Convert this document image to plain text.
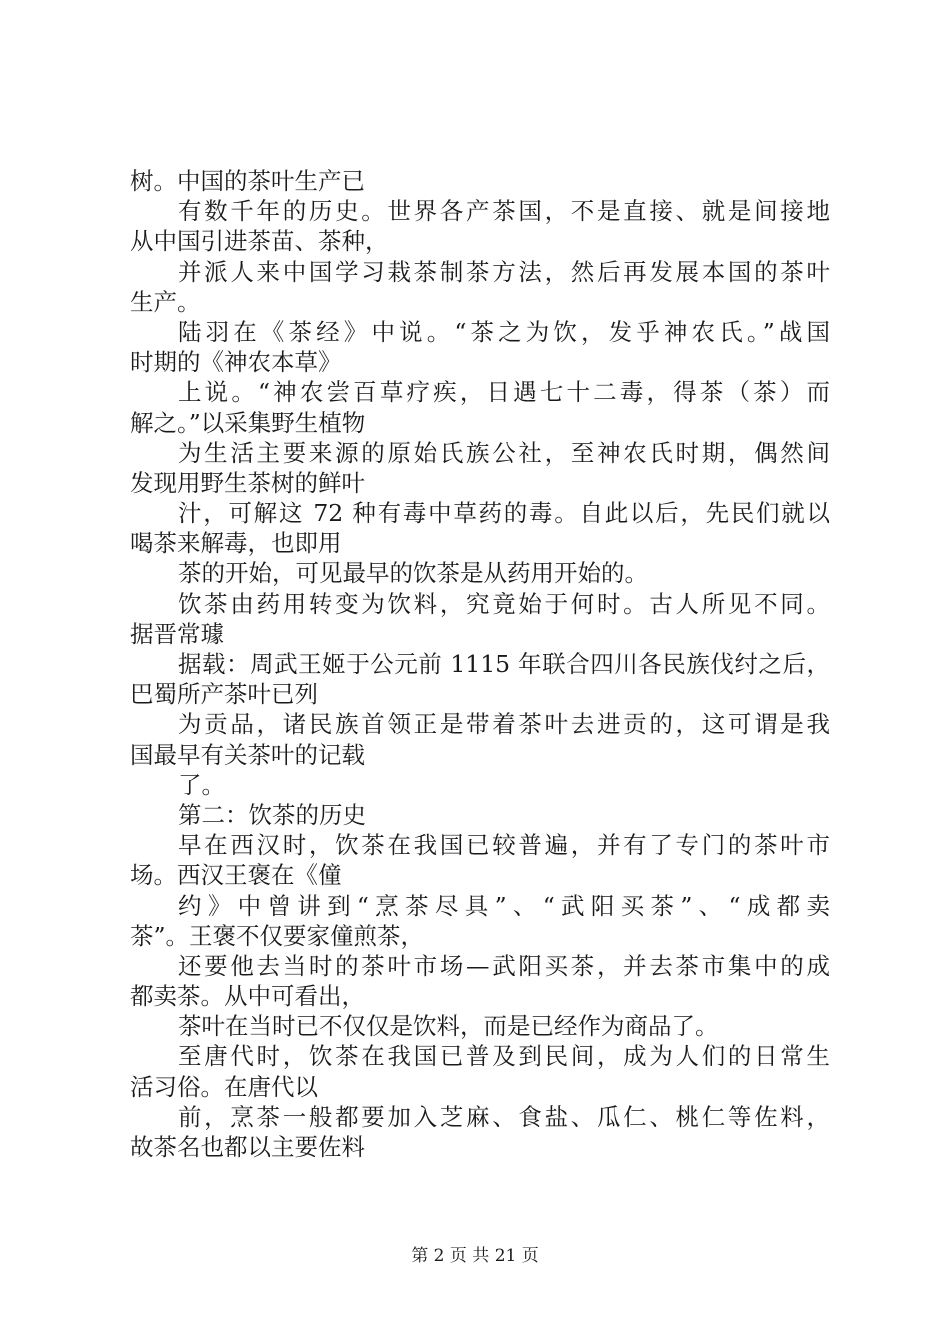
树。中国的茶叶生产已
有数千年的历史。世界各产茶国，不是直接、就是间接地
从中国引进茶苗、茶种，
并派人来中国学习栽茶制茶方法，然后再发展本国的茶叶
生产。
陆羽在《茶经》中说。“茶之为饮，发乎神农氏。”战国
时期的《神农本草》
上说。“神农尝百草疗疾，日遇七十二毒，得茶（茶）而
解之。”以采集野生植物
为生活主要来源的原始氏族公社，至神农氏时期，偶然间
发现用野生茶树的鲜叶
汁，可解这 72 种有毒中草药的毒。自此以后，先民们就以
喝茶来解毒，也即用
茶的开始，可见最早的饮茶是从药用开始的。
饮茶由药用转变为饮料，究竟始于何时。古人所见不同。
据晋常璩
据载：周武王姬于公元前 1115 年联合四川各民族伐纣之后，
巴蜀所产茶叶已列
为贡品，诸民族首领正是带着茶叶去进贡的，这可谓是我
国最早有关茶叶的记载
了。
第二：饮茶的历史
早在西汉时，饮茶在我国已较普遍，并有了专门的茶叶市
场。西汉王褒在《僮
约》中曾讲到“烹茶尽具”、“武阳买茶”、“成都卖
茶”。王褒不仅要家僮煎茶，
还要他去当时的茶叶市场—武阳买茶，并去茶市集中的成
都卖茶。从中可看出，
茶叶在当时已不仅仅是饮料，而是已经作为商品了。
至唐代时，饮茶在我国已普及到民间，成为人们的日常生
活习俗。在唐代以
前，烹茶一般都要加入芝麻、食盐、瓜仁、桃仁等佐料，
故茶名也都以主要佐料
第 2 页 共 21 页
